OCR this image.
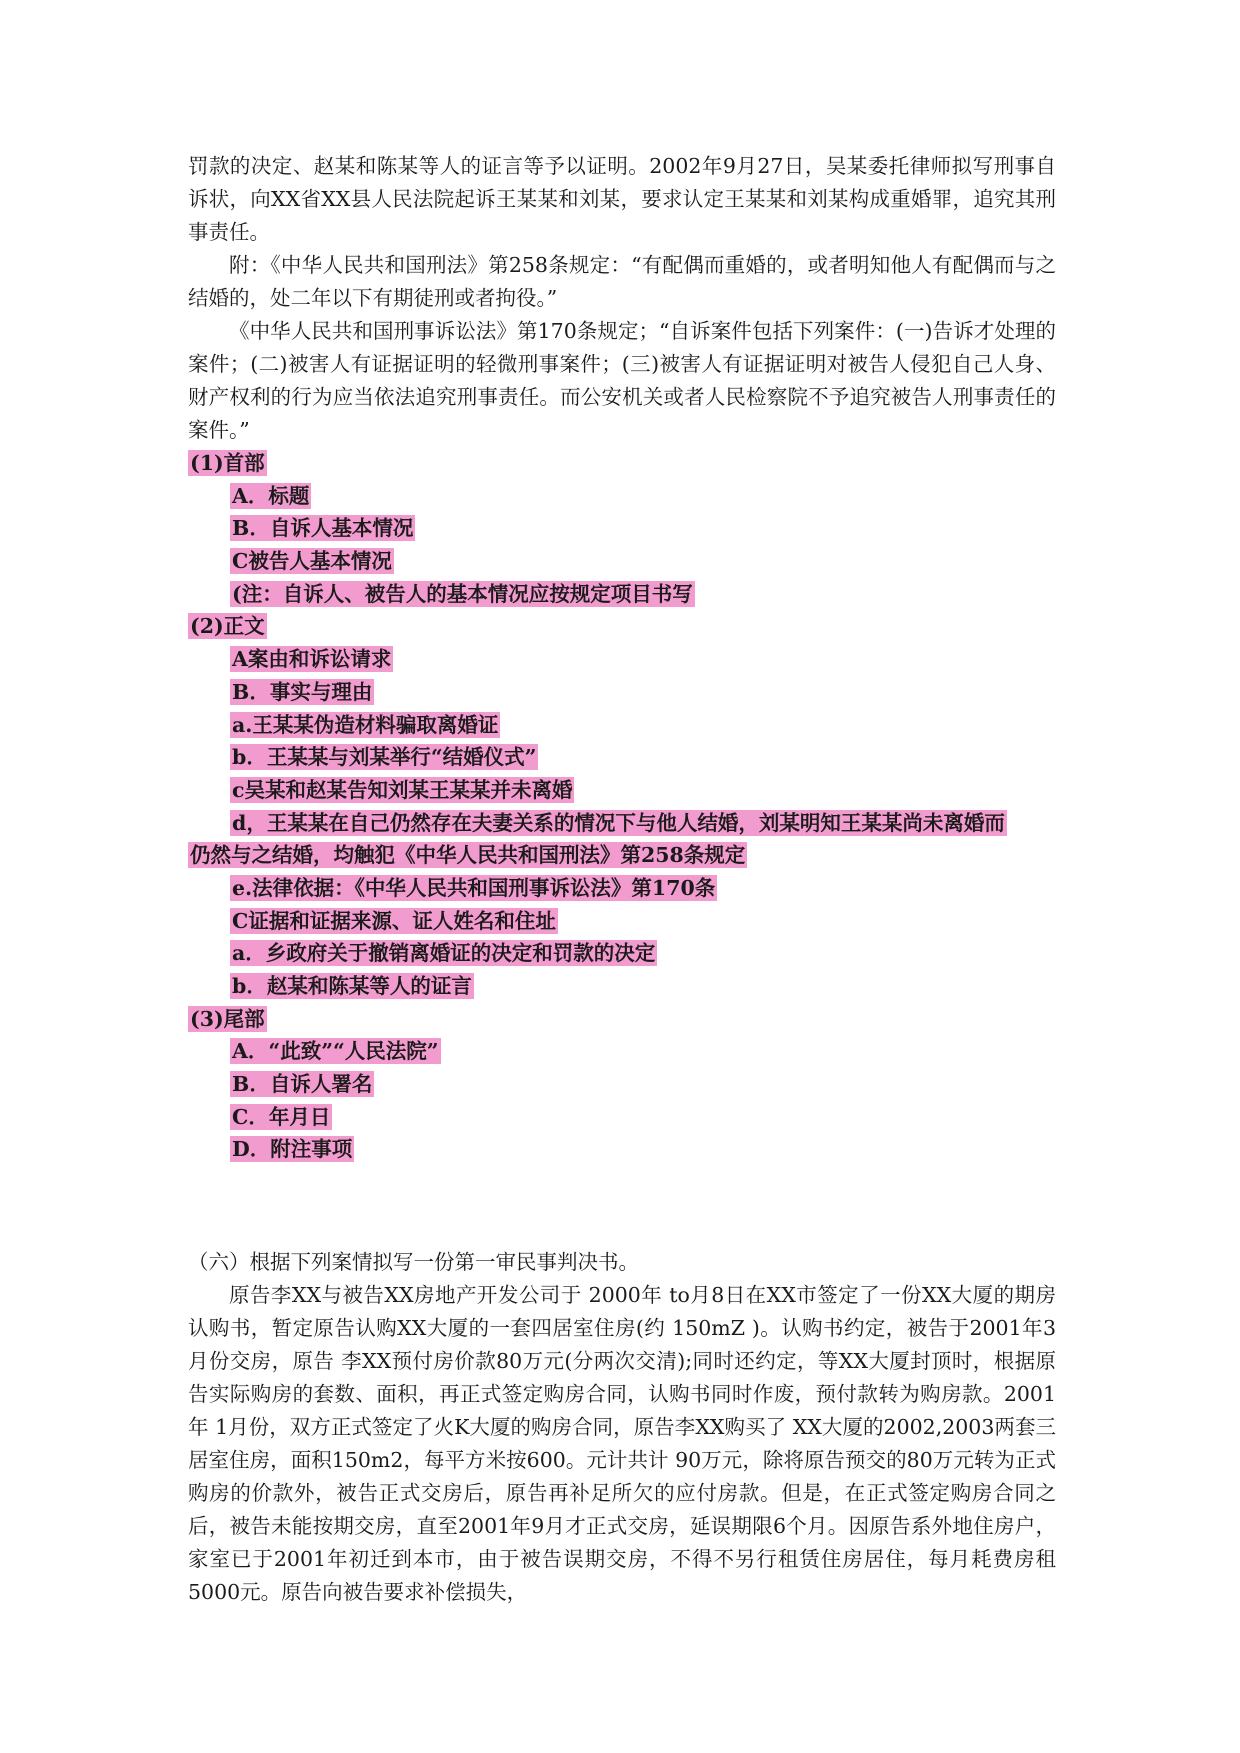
罚款的决定、赵某和陈某等人的证言等予以证明。2002年9月27日，吴某委托律师拟写刑事自诉状，向XX省XX县人民法院起诉王某某和刘某，要求认定王某某和刘某构成重婚罪，追究其刑事责任。

附：《中华人民共和国刑法》第258条规定：“有配偶而重婚的，或者明知他人有配偶而与之结婚的，处二年以下有期徒刑或者拘役。”

《中华人民共和国刑事诉讼法》第170条规定；“自诉案件包括下列案件：(一)告诉才处理的案件；(二)被害人有证据证明的轻微刑事案件；(三)被害人有证据证明对被告人侵犯自己人身、财产权利的行为应当依法追究刑事责任。而公安机关或者人民检察院不予追究被告人刑事责任的案件。”

(1)首部
A．标题
B．自诉人基本情况
C被告人基本情况
(注：自诉人、被告人的基本情况应按规定项目书写
(2)正文
A案由和诉讼请求
B．事实与理由
a.王某某伪造材料骗取离婚证
b．王某某与刘某举行“结婚仪式”
c吴某和赵某告知刘某王某某并未离婚
d，王某某在自己仍然存在夫妻关系的情况下与他人结婚，刘某明知王某某尚未离婚而
仍然与之结婚，均触犯《中华人民共和国刑法》第258条规定
e.法律依据：《中华人民共和国刑事诉讼法》第170条
C证据和证据来源、证人姓名和住址
a．乡政府关于撤销离婚证的决定和罚款的决定
b．赵某和陈某等人的证言
(3)尾部
A．“此致”“人民法院”
B．自诉人署名
C．年月日
D．附注事项

（六）根据下列案情拟写一份第一审民事判决书。

原告李XX与被告XX房地产开发公司于 2000年 to月8日在XX市签定了一份XX大厦的期房认购书，暂定原告认购XX大厦的一套四居室住房(约 150mZ )。认购书约定，被告于2001年3月份交房，原告 李XX预付房价款80万元(分两次交清);同时还约定，等XX大厦封顶时，根据原告实际购房的套数、面积，再正式签定购房合同，认购书同时作废，预付款转为购房款。2001年 1月份，双方正式签定了火K大厦的购房合同，原告李XX购买了 XX大厦的2002,2003两套三居室住房，面积150m2，每平方米按600。元计共计 90万元，除将原告预交的80万元转为正式购房的价款外，被告正式交房后，原告再补足所欠的应付房款。但是，在正式签定购房合同之后，被告未能按期交房，直至2001年9月才正式交房，延误期限6个月。因原告系外地住房户，家室已于2001年初迁到本市，由于被告误期交房，不得不另行租赁住房居住，每月耗费房租5000元。原告向被告要求补偿损失，
